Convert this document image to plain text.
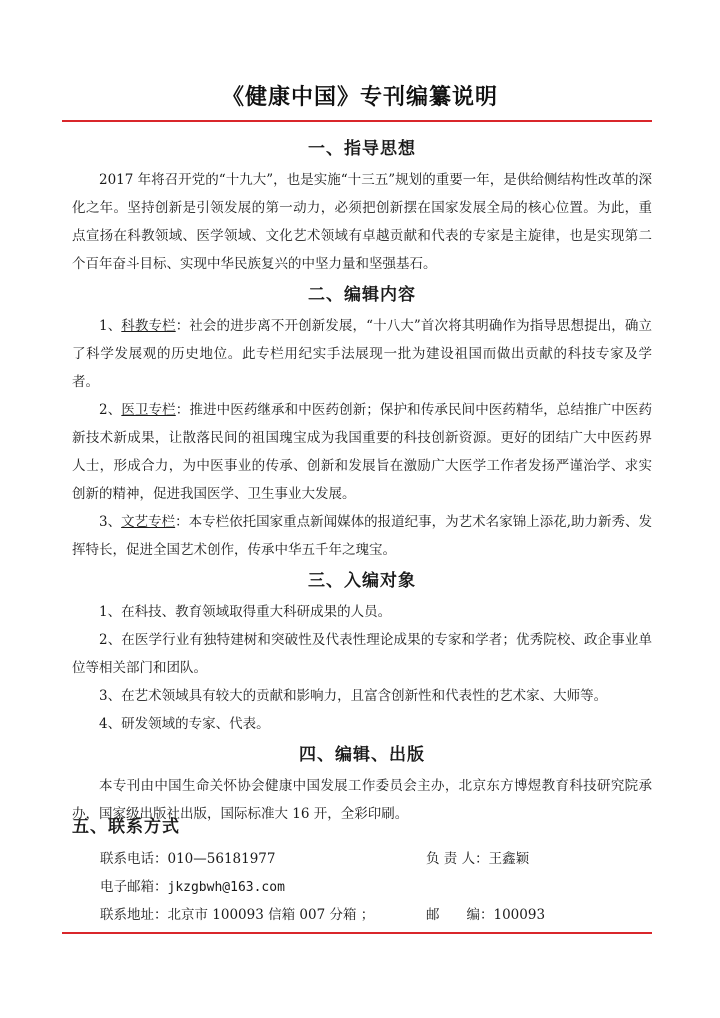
《健康中国》专刊编纂说明
一、指导思想

2017 年将召开党的“十九大”，也是实施“十三五”规划的重要一年，是供给侧结构性改革的深化之年。坚持创新是引领发展的第一动力，必须把创新摆在国家发展全局的核心位置。为此，重点宣扬在科教领域、医学领域、文化艺术领域有卓越贡献和代表的专家是主旋律，也是实现第二个百年奋斗目标、实现中华民族复兴的中坚力量和坚强基石。

二、编辑内容

1、科教专栏：社会的进步离不开创新发展，“十八大”首次将其明确作为指导思想提出，确立了科学发展观的历史地位。此专栏用纪实手法展现一批为建设祖国而做出贡献的科技专家及学者。

2、医卫专栏：推进中医药继承和中医药创新；保护和传承民间中医药精华，总结推广中医药新技术新成果，让散落民间的祖国瑰宝成为我国重要的科技创新资源。更好的团结广大中医药界人士，形成合力，为中医事业的传承、创新和发展旨在激励广大医学工作者发扬严谨治学、求实创新的精神，促进我国医学、卫生事业大发展。

3、文艺专栏：本专栏依托国家重点新闻媒体的报道纪事，为艺术名家锦上添花,助力新秀、发挥特长，促进全国艺术创作，传承中华五千年之瑰宝。

三、入编对象

1、在科技、教育领域取得重大科研成果的人员。

2、在医学行业有独特建树和突破性及代表性理论成果的专家和学者；优秀院校、政企事业单位等相关部门和团队。

3、在艺术领域具有较大的贡献和影响力，且富含创新性和代表性的艺术家、大师等。

4、研发领域的专家、代表。

四、编辑、出版

本专刊由中国生命关怀协会健康中国发展工作委员会主办，北京东方博煜教育科技研究院承办，国家级出版社出版，国际标准大 16 开，全彩印刷。

五、联系方式
联系电话：010—56181977	负 责 人：王鑫颖
电子邮箱：jkzgbwh@163.com
联系地址：北京市 100093 信箱 007 分箱 ；	邮　　编：100093
